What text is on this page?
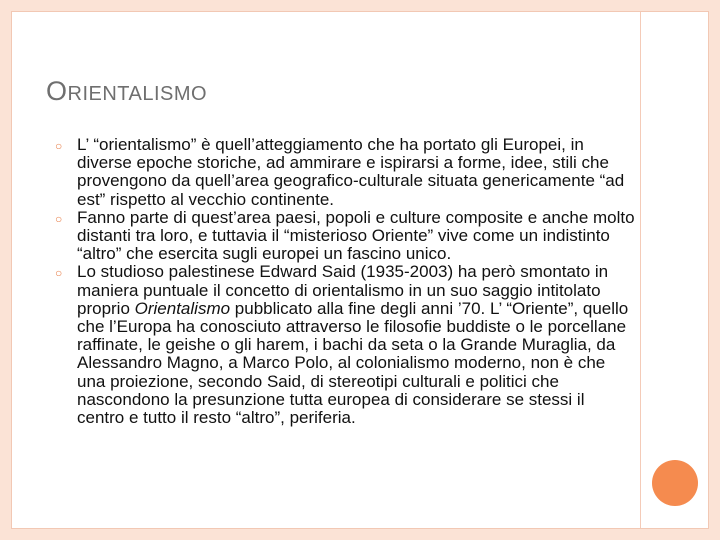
ORIENTALISMO
○ L’ “orientalismo” è quell’atteggiamento che ha portato gli Europei, in diverse epoche storiche, ad ammirare e ispirarsi a forme, idee, stili che provengono da quell’area geografico-culturale situata genericamente “ad est” rispetto al vecchio continente.
○ Fanno parte di quest’area paesi, popoli e culture composite e anche molto distanti tra loro, e tuttavia il “misterioso Oriente” vive come un indistinto “altro” che esercita sugli europei un fascino unico.
○ Lo studioso palestinese Edward Said (1935-2003) ha però smontato in maniera puntuale il concetto di orientalismo in un suo saggio intitolato proprio Orientalismo pubblicato alla fine degli anni ’70. L’ “Oriente”, quello che l’Europa ha conosciuto attraverso le filosofie buddiste o le porcellane raffinate, le geishe o gli harem, i bachi da seta o la Grande Muraglia, da Alessandro Magno, a Marco Polo, al colonialismo moderno, non è che una proiezione, secondo Said, di stereotipi culturali e politici che nascondono la presunzione tutta europea di considerare se stessi il centro e tutto il resto “altro”, periferia.
